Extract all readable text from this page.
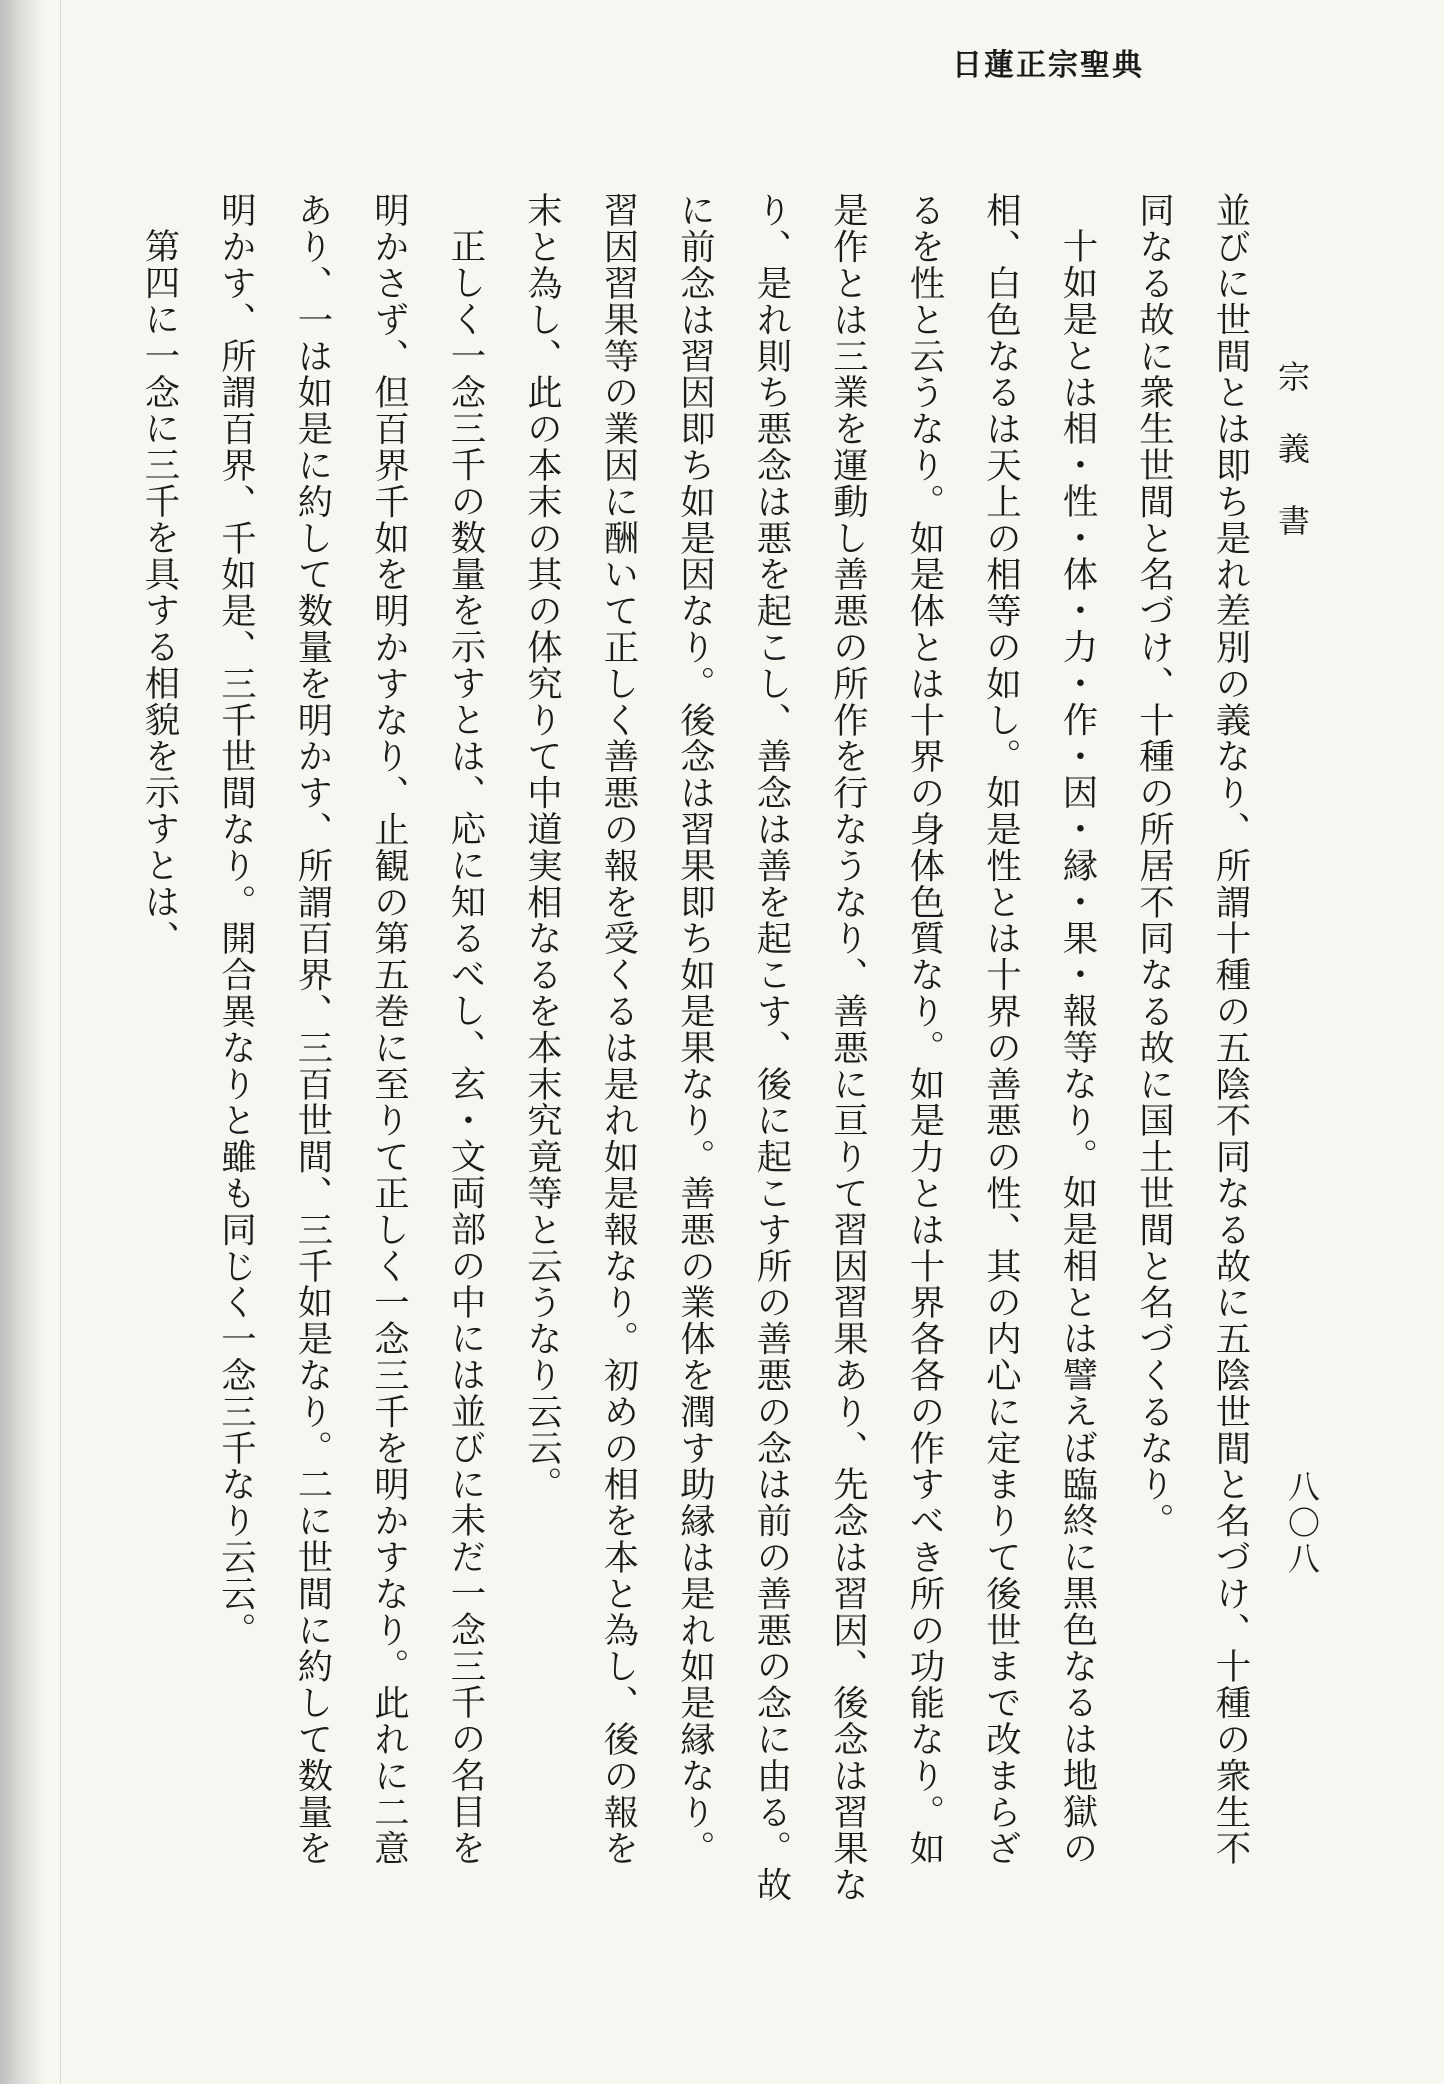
日蓮正宗聖典
宗義書
八〇八

並びに世間とは即ち是れ差別の義なり、所謂十種の五陰不同なる故に五陰世間と名づけ、十種の衆生不

同なる故に衆生世間と名づけ、十種の所居不同なる故に国土世間と名づくるなり。

十如是とは相・性・体・力・作・因・縁・果・報等なり。如是相とは譬えば臨終に黒色なるは地獄の

相、白色なるは天上の相等の如し。如是性とは十界の善悪の性、其の内心に定まりて後世まで改まらざ

るを性と云うなり。如是体とは十界の身体色質なり。如是力とは十界各各の作すべき所の功能なり。如

是作とは三業を運動し善悪の所作を行なうなり、善悪に亘りて習因習果あり、先念は習因、後念は習果な

り、是れ則ち悪念は悪を起こし、善念は善を起こす、後に起こす所の善悪の念は前の善悪の念に由る。故

に前念は習因即ち如是因なり。後念は習果即ち如是果なり。善悪の業体を潤す助縁は是れ如是縁なり。

習因習果等の業因に酬いて正しく善悪の報を受くるは是れ如是報なり。初めの相を本と為し、後の報を

末と為し、此の本末の其の体究りて中道実相なるを本末究竟等と云うなり云云。

正しく一念三千の数量を示すとは、応に知るべし、玄・文両部の中には並びに未だ一念三千の名目を

明かさず、但百界千如を明かすなり、止観の第五巻に至りて正しく一念三千を明かすなり。此れに二意

あり、一は如是に約して数量を明かす、所謂百界、三百世間、三千如是なり。二に世間に約して数量を

明かす、所謂百界、千如是、三千世間なり。開合異なりと雖も同じく一念三千なり云云。

第四に一念に三千を具する相貌を示すとは、
